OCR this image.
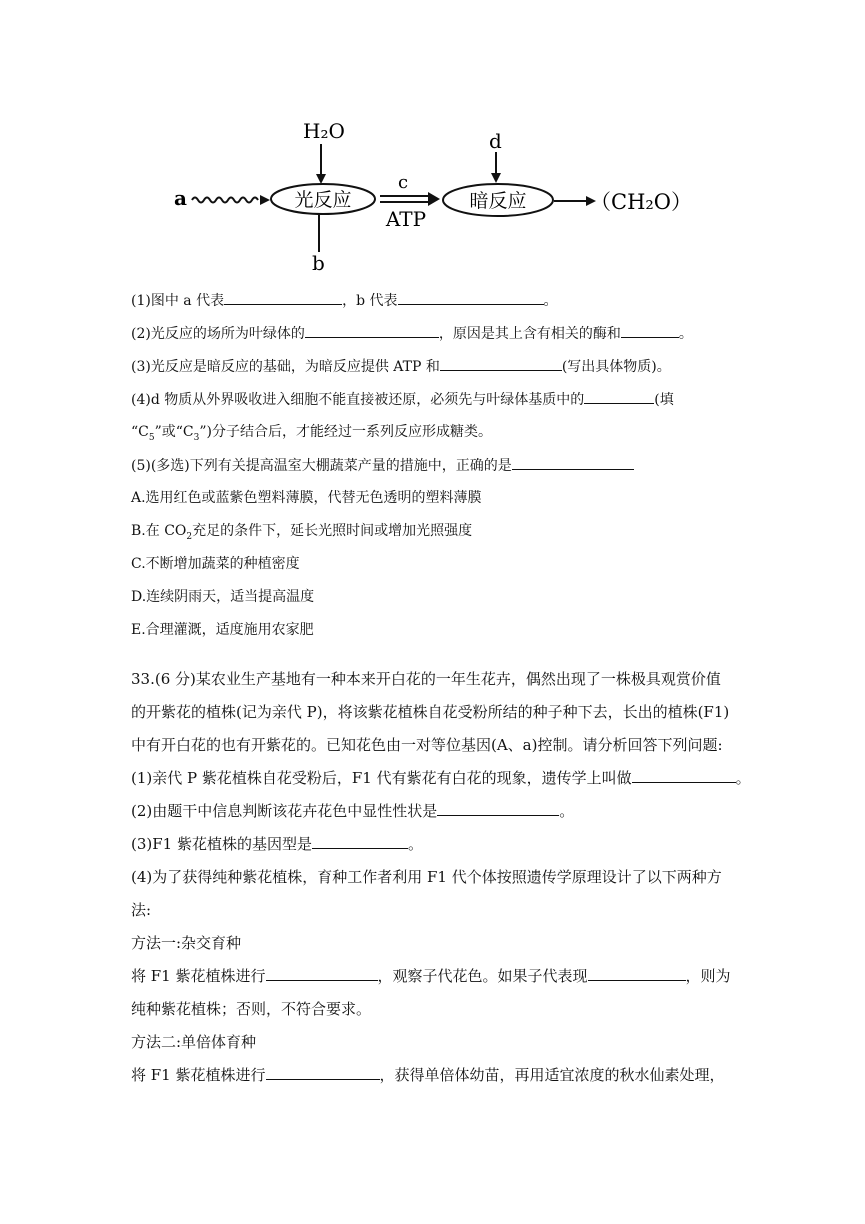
a
H₂O
光反应
b
c
ATP
d
暗反应	（CH₂O）
(1)图中 a 代表	，b 代表	。
(2)光反应的场所为叶绿体的	，原因是其上含有相关的酶和	。
(3)光反应是暗反应的基础，为暗反应提供 ATP 和	(写出具体物质)。
(4)d 物质从外界吸收进入细胞不能直接被还原，必须先与叶绿体基质中的	(填
“$C_5$”或“$C_3$”)分子结合后，才能经过一系列反应形成糖类。
(5)(多选)下列有关提高温室大棚蔬菜产量的措施中，正确的是
A.选用红色或蓝紫色塑料薄膜，代替无色透明的塑料薄膜
B.在 $CO_2$充足的条件下，延长光照时间或增加光照强度
C.不断增加蔬菜的种植密度
D.连续阴雨天，适当提高温度
E.合理灌溉，适度施用农家肥
33.(6 分)某农业生产基地有一种本来开白花的一年生花卉，偶然出现了一株极具观赏价值
的开紫花的植株(记为亲代 P)，将该紫花植株自花受粉所结的种子种下去，长出的植株(F1)
中有开白花的也有开紫花的。已知花色由一对等位基因(A、a)控制。请分析回答下列问题:
(1)亲代 P 紫花植株自花受粉后，F1 代有紫花有白花的现象，遗传学上叫做	。
(2)由题干中信息判断该花卉花色中显性性状是	。
(3)F1 紫花植株的基因型是	。
(4)为了获得纯种紫花植株，育种工作者利用 F1 代个体按照遗传学原理设计了以下两种方
法:
方法一:杂交育种
将 F1 紫花植株进行	，观察子代花色。如果子代表现	，则为
纯种紫花植株；否则，不符合要求。
方法二:单倍体育种
将 F1 紫花植株进行	，获得单倍体幼苗，再用适宜浓度的秋水仙素处理，
